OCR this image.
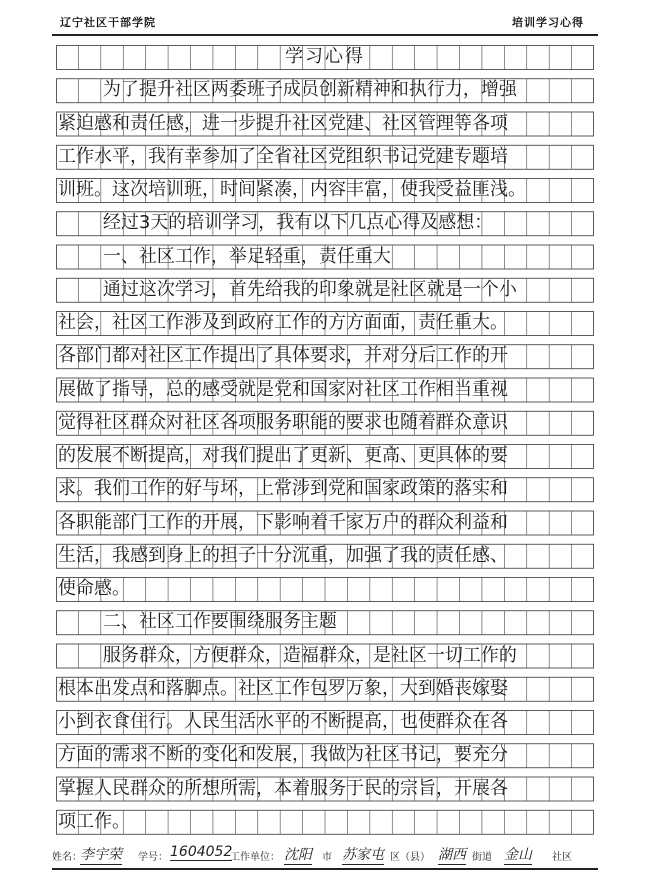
辽宁社区干部学院	培训学习心得
学习心得
为了提升社区两委班子成员创新精神和执行力，增强
紧迫感和责任感，进一步提升社区党建、社区管理等各项
工作水平，我有幸参加了全省社区党组织书记党建专题培
训班。这次培训班，时间紧凑，内容丰富，使我受益匪浅。
经过3天的培训学习，我有以下几点心得及感想：
一、社区工作，举足轻重，责任重大
通过这次学习，首先给我的印象就是社区就是一个小
社会，社区工作涉及到政府工作的方方面面，责任重大。
各部门都对社区工作提出了具体要求，并对分后工作的开
展做了指导，总的感受就是党和国家对社区工作相当重视
觉得社区群众对社区各项服务职能的要求也随着群众意识
的发展不断提高，对我们提出了更新、更高、更具体的要
求。我们工作的好与坏，上常涉到党和国家政策的落实和
各职能部门工作的开展，下影响着千家万户的群众利益和
生活，我感到身上的担子十分沉重，加强了我的责任感、
使命感。
二、社区工作要围绕服务主题
服务群众，方便群众，造福群众，是社区一切工作的
根本出发点和落脚点。社区工作包罗万象，大到婚丧嫁娶
小到衣食住行。人民生活水平的不断提高，也使群众在各
方面的需求不断的变化和发展，我做为社区书记，要充分
掌握人民群众的所想所需，本着服务于民的宗旨，开展各
项工作。
姓名：
李宇荣 学号： 1604052
工作单位： 沈阳 市 苏家屯 区（县） 湖西 街道 金山 社区
